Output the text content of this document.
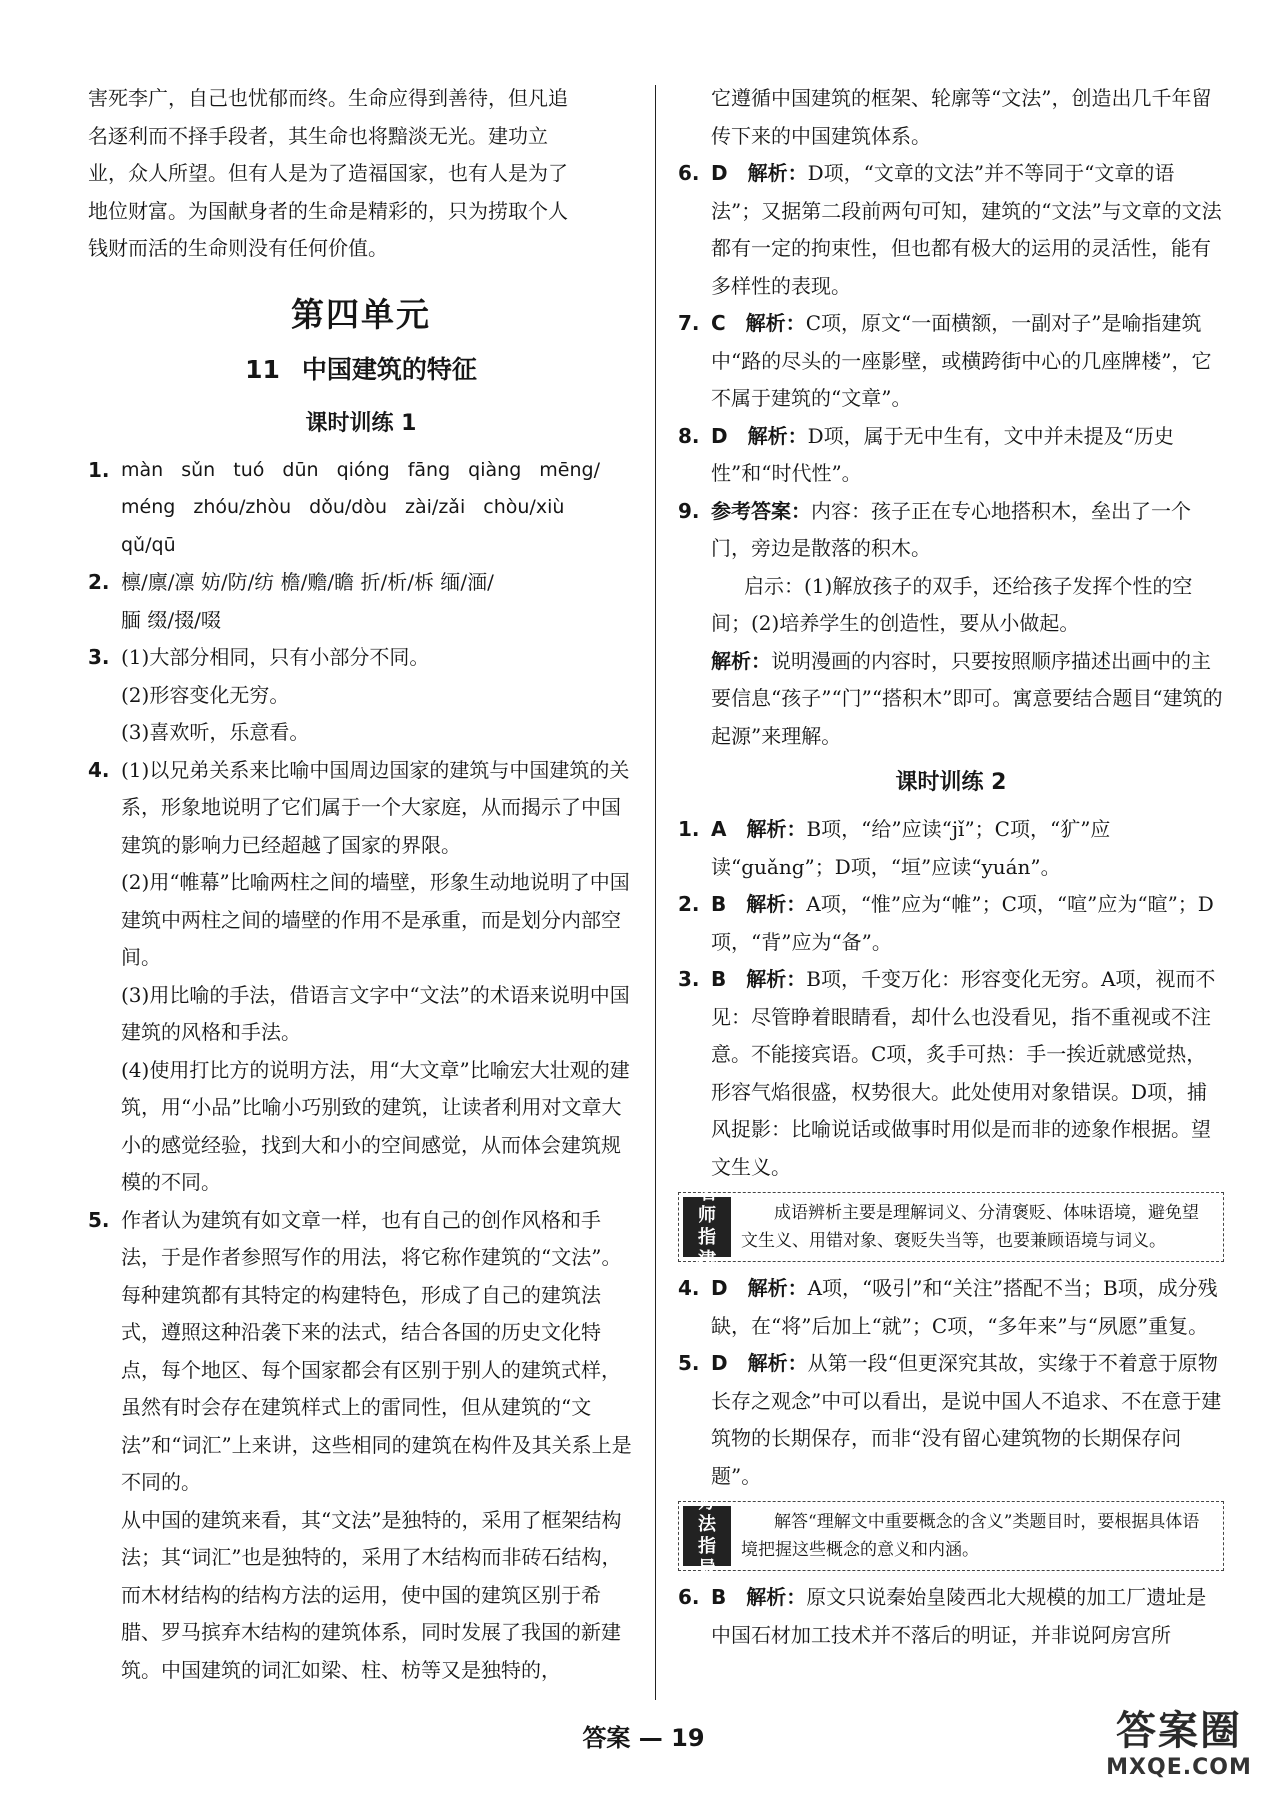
害死李广，自己也忧郁而终。生命应得到善待，但凡追

名逐利而不择手段者，其生命也将黯淡无光。建功立

业，众人所望。但有人是为了造福国家，也有人是为了

地位财富。为国献身者的生命是精彩的，只为捞取个人

钱财而活的生命则没有任何价值。

第四单元
11 中国建筑的特征
课时训练 1
1. màn sǔn tuó dūn qióng fāng qiàng mēng/

méng zhóu/zhòu dǒu/dòu zài/zǎi chòu/xiù

qǔ/qū

2. 檩/廪/凛 妨/防/纺 檐/赡/瞻 折/析/柝 缅/湎/

腼 缀/掇/啜

3. (1)大部分相同，只有小部分不同。

(2)形容变化无穷。

(3)喜欢听，乐意看。

4. (1)以兄弟关系来比喻中国周边国家的建筑与中国建筑的关系，形象地说明了它们属于一个大家庭，从而揭示了中国建筑的影响力已经超越了国家的界限。

(2)用“帷幕”比喻两柱之间的墙壁，形象生动地说明了中国建筑中两柱之间的墙壁的作用不是承重，而是划分内部空间。

(3)用比喻的手法，借语言文字中“文法”的术语来说明中国建筑的风格和手法。

(4)使用打比方的说明方法，用“大文章”比喻宏大壮观的建筑，用“小品”比喻小巧别致的建筑，让读者利用对文章大小的感觉经验，找到大和小的空间感觉，从而体会建筑规模的不同。

5. 作者认为建筑有如文章一样，也有自己的创作风格和手法，于是作者参照写作的用法，将它称作建筑的“文法”。每种建筑都有其特定的构建特色，形成了自己的建筑法式，遵照这种沿袭下来的法式，结合各国的历史文化特点，每个地区、每个国家都会有区别于别人的建筑式样，虽然有时会存在建筑样式上的雷同性，但从建筑的“文法”和“词汇”上来讲，这些相同的建筑在构件及其关系上是不同的。

从中国的建筑来看，其“文法”是独特的，采用了框架结构法；其“词汇”也是独特的，采用了木结构而非砖石结构，而木材结构的结构方法的运用，使中国的建筑区别于希腊、罗马摈弃木结构的建筑体系，同时发展了我国的新建筑。中国建筑的词汇如梁、柱、枋等又是独特的，

它遵循中国建筑的框架、轮廓等“文法”，创造出几千年留传下来的中国建筑体系。

6. D　解析：D项，“文章的文法”并不等同于“文章的语法”；又据第二段前两句可知，建筑的“文法”与文章的文法都有一定的拘束性，但也都有极大的运用的灵活性，能有多样性的表现。

7. C　解析：C项，原文“一面横额，一副对子”是喻指建筑中“路的尽头的一座影壁，或横跨街中心的几座牌楼”，它不属于建筑的“文章”。

8. D　解析：D项，属于无中生有，文中并未提及“历史性”和“时代性”。

9. 参考答案：内容：孩子正在专心地搭积木，垒出了一个门，旁边是散落的积木。

启示：(1)解放孩子的双手，还给孩子发挥个性的空间；(2)培养学生的创造性，要从小做起。

解析：说明漫画的内容时，只要按照顺序描述出画中的主要信息“孩子”“门”“搭积木”即可。寓意要结合题目“建筑的起源”来理解。

课时训练 2
1. A　解析：B项，“给”应读“jǐ”；C项，“犷”应读“guǎng”；D项，“垣”应读“yuán”。

2. B　解析：A项，“惟”应为“帷”；C项，“喧”应为“暄”；D项，“背”应为“备”。

3. B　解析：B项，千变万化：形容变化无穷。A项，视而不见：尽管睁着眼睛看，却什么也没看见，指不重视或不注意。不能接宾语。C项，炙手可热：手一挨近就感觉热，形容气焰很盛，权势很大。此处使用对象错误。D项，捕风捉影：比喻说话或做事时用似是而非的迹象作根据。望文生义。

名
师
指
津

成语辨析主要是理解词义、分清褒贬、体味语境，避免望文生义、用错对象、褒贬失当等，也要兼顾语境与词义。

4. D　解析：A项，“吸引”和“关注”搭配不当；B项，成分残缺，在“将”后加上“就”；C项，“多年来”与“夙愿”重复。

5. D　解析：从第一段“但更深究其故，实缘于不着意于原物长存之观念”中可以看出，是说中国人不追求、不在意于建筑物的长期保存，而非“没有留心建筑物的长期保存问题”。

方
法
指
导

解答“理解文中重要概念的含义”类题目时，要根据具体语境把握这些概念的意义和内涵。

6. B　解析：原文只说秦始皇陵西北大规模的加工厂遗址是中国石材加工技术并不落后的明证，并非说阿房宫所

答案 — 19	答案圈
MXQE.COM
